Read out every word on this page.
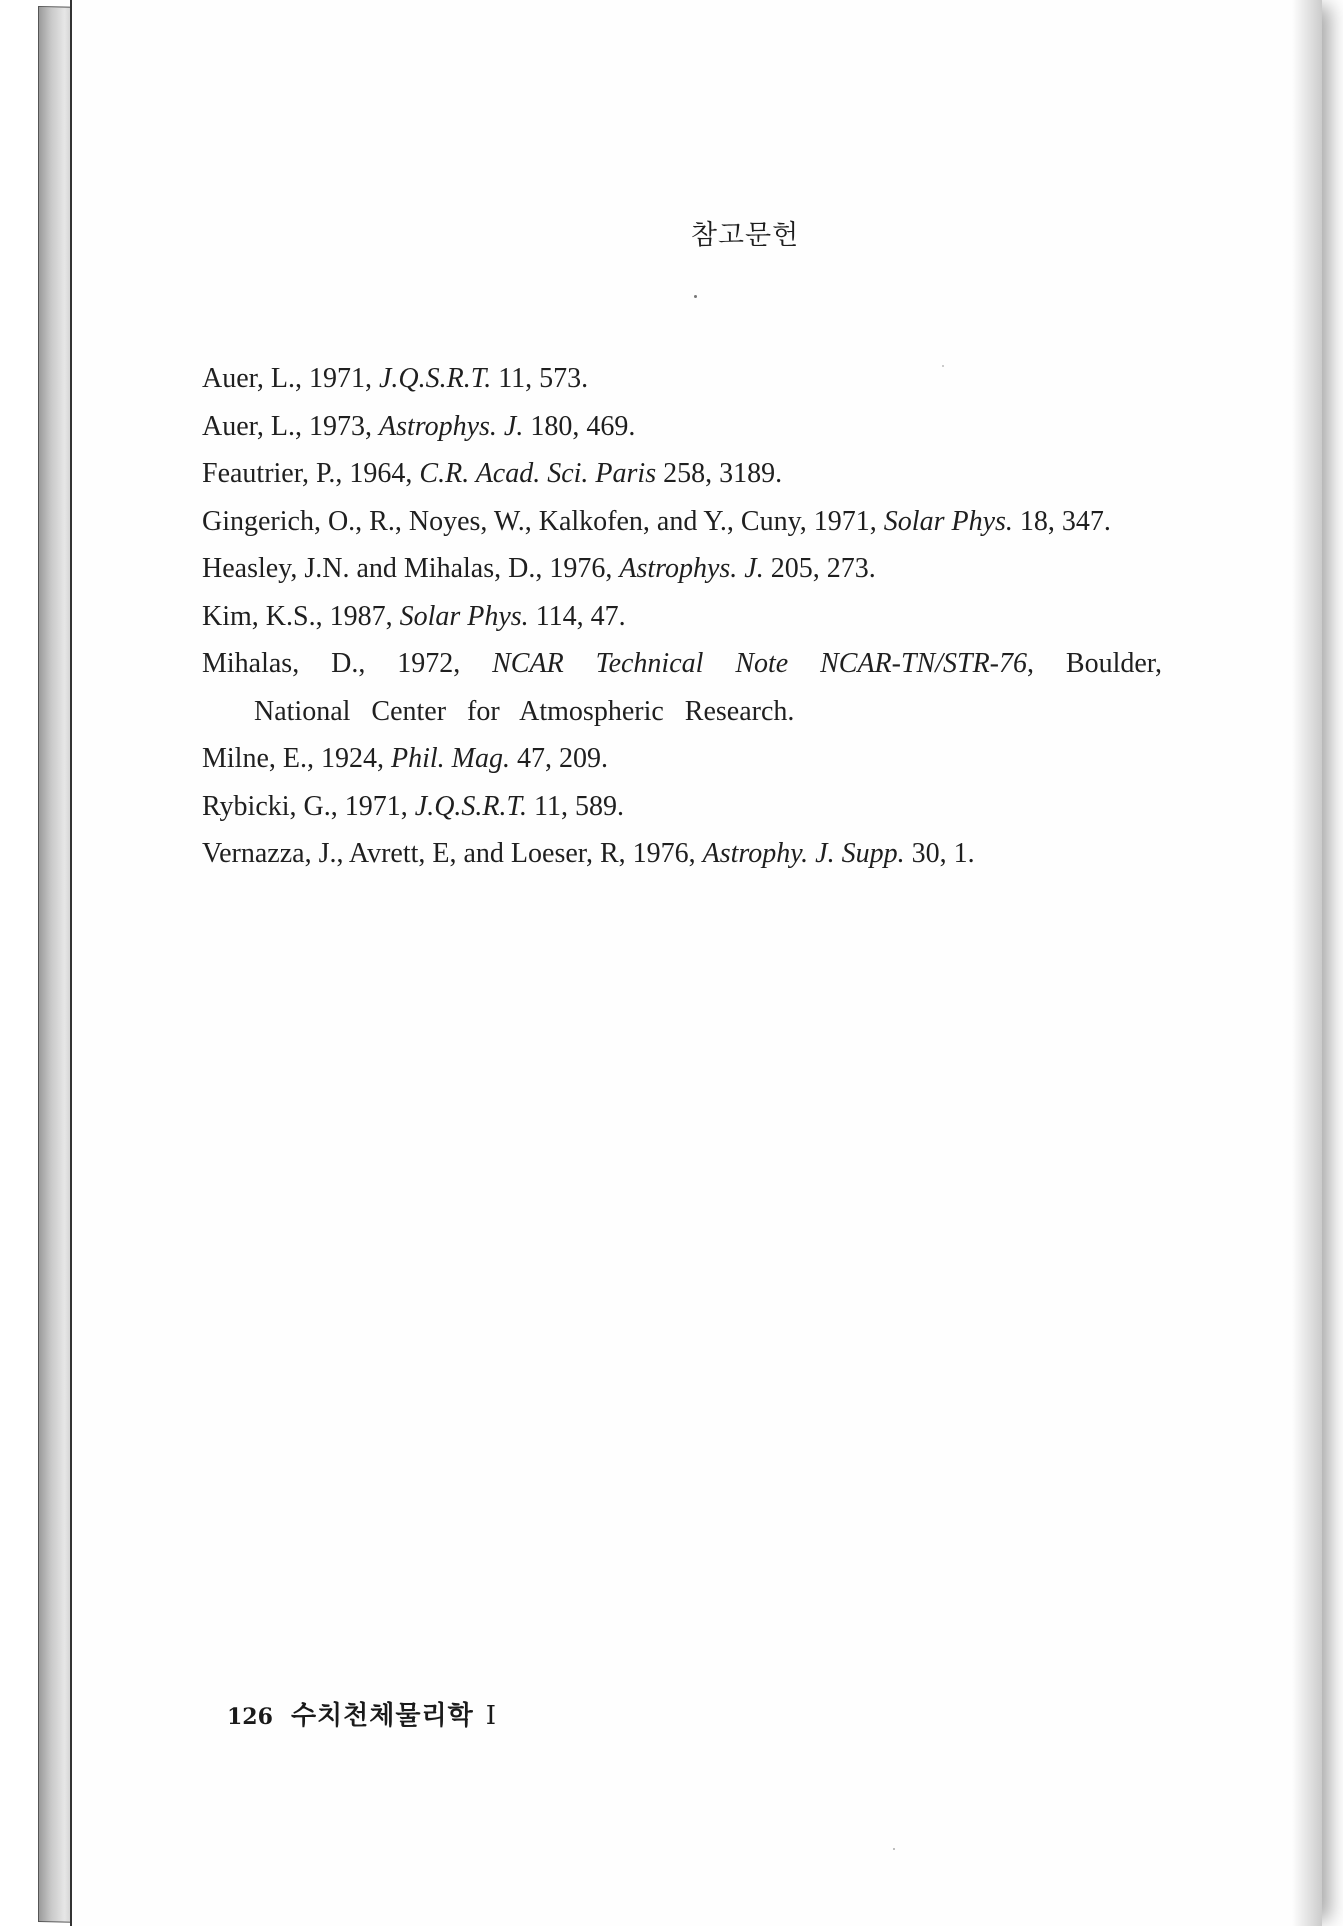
참고문헌

Auer, L., 1971, J.Q.S.R.T. 11, 573.

Auer, L., 1973, Astrophys. J. 180, 469.

Feautrier, P., 1964, C.R. Acad. Sci. Paris 258, 3189.

Gingerich, O., R., Noyes, W., Kalkofen, and Y., Cuny, 1971, Solar Phys. 18, 347.

Heasley, J.N. and Mihalas, D., 1976, Astrophys. J. 205, 273.

Kim, K.S., 1987, Solar Phys. 114, 47.

Mihalas, D., 1972, NCAR Technical Note NCAR-TN/STR-76, Boulder, National Center for Atmospheric Research.

Milne, E., 1924, Phil. Mag. 47, 209.

Rybicki, G., 1971, J.Q.S.R.T. 11, 589.

Vernazza, J., Avrett, E, and Loeser, R, 1976, Astrophy. J. Supp. 30, 1.

126 수치천체물리학 I
